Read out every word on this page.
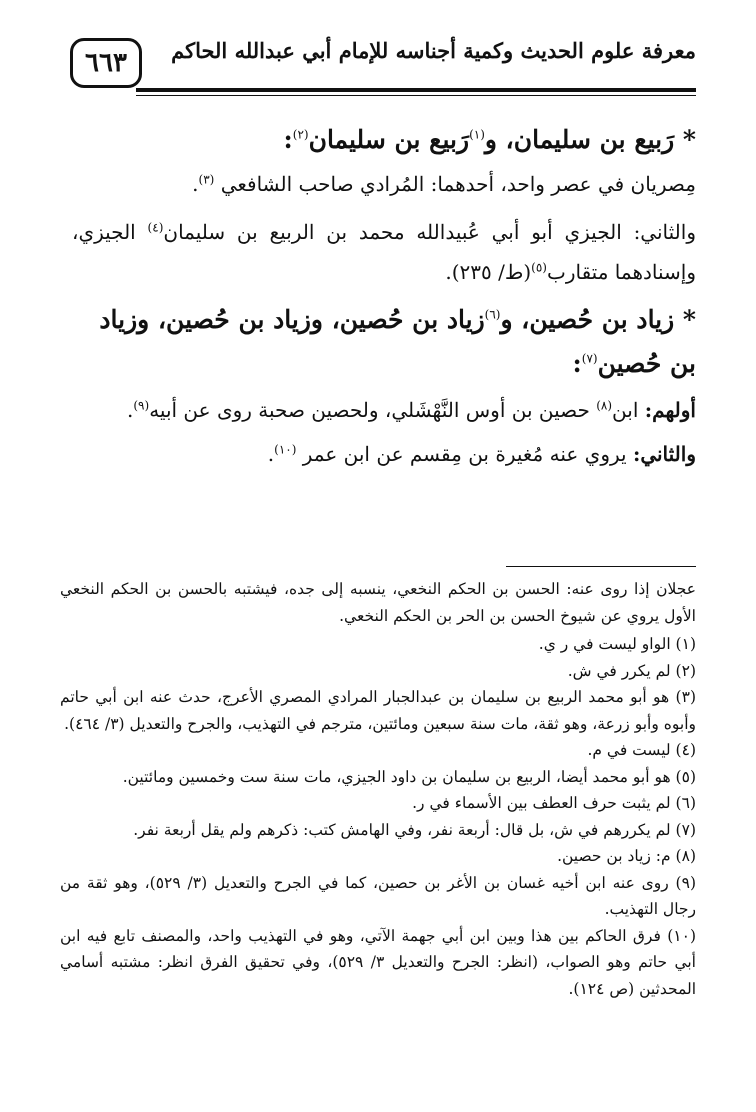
معرفة علوم الحديث وكمية أجناسه للإمام أبي عبدالله الحاكم
٦٦٣

* رَبيع بن سليمان، و$^{(١)}$رَبيع بن سليمان$^{(٢)}$:

مِصريان في عصر واحد، أحدهما: المُرادي صاحب الشافعي $^{(٣)}$.

والثاني: الجيزي أبو أبي عُبيدالله محمد بن الربيع بن سليمان$^{(٤)}$ الجيزي، وإسنادهما متقارب$^{(٥)}$(ط/ ٢٣٥).

* زياد بن حُصين، و$^{(٦)}$زياد بن حُصين، وزياد بن حُصين، وزياد بن حُصين$^{(٧)}$:

أولهم: ابن$^{(٨)}$ حصين بن أوس النَّهْشَلي، ولحصين صحبة روى عن أبيه$^{(٩)}$.

والثاني: يروي عنه مُغيرة بن مِقسم عن ابن عمر $^{(١٠)}$.

عجلان إذا روى عنه: الحسن بن الحكم النخعي، ينسبه إلى جده، فيشتبه بالحسن بن الحكم النخعي الأول يروي عن شيوخ الحسن بن الحر بن الحكم النخعي.

(١) الواو ليست في ر ي.

(٢) لم يكرر في ش.

(٣) هو أبو محمد الربيع بن سليمان بن عبدالجبار المرادي المصري الأعرج، حدث عنه ابن أبي حاتم وأبوه وأبو زرعة، وهو ثقة، مات سنة سبعين ومائتين، مترجم في التهذيب، والجرح والتعديل (٣/ ٤٦٤).

(٤) ليست في م.

(٥) هو أبو محمد أيضا، الربيع بن سليمان بن داود الجيزي، مات سنة ست وخمسين ومائتين.

(٦) لم يثبت حرف العطف بين الأسماء في ر.

(٧) لم يكررهم في ش، بل قال: أربعة نفر، وفي الهامش كتب: ذكرهم ولم يقل أربعة نفر.

(٨) م: زياد بن حصين.

(٩) روى عنه ابن أخيه غسان بن الأغر بن حصين، كما في الجرح والتعديل (٣/ ٥٢٩)، وهو ثقة من رجال التهذيب.

(١٠) فرق الحاكم بين هذا وبين ابن أبي جهمة الآتي، وهو في التهذيب واحد، والمصنف تابع فيه ابن أبي حاتم وهو الصواب، (انظر: الجرح والتعديل ٣/ ٥٢٩)، وفي تحقيق الفرق انظر: مشتبه أسامي المحدثين (ص ١٢٤).
